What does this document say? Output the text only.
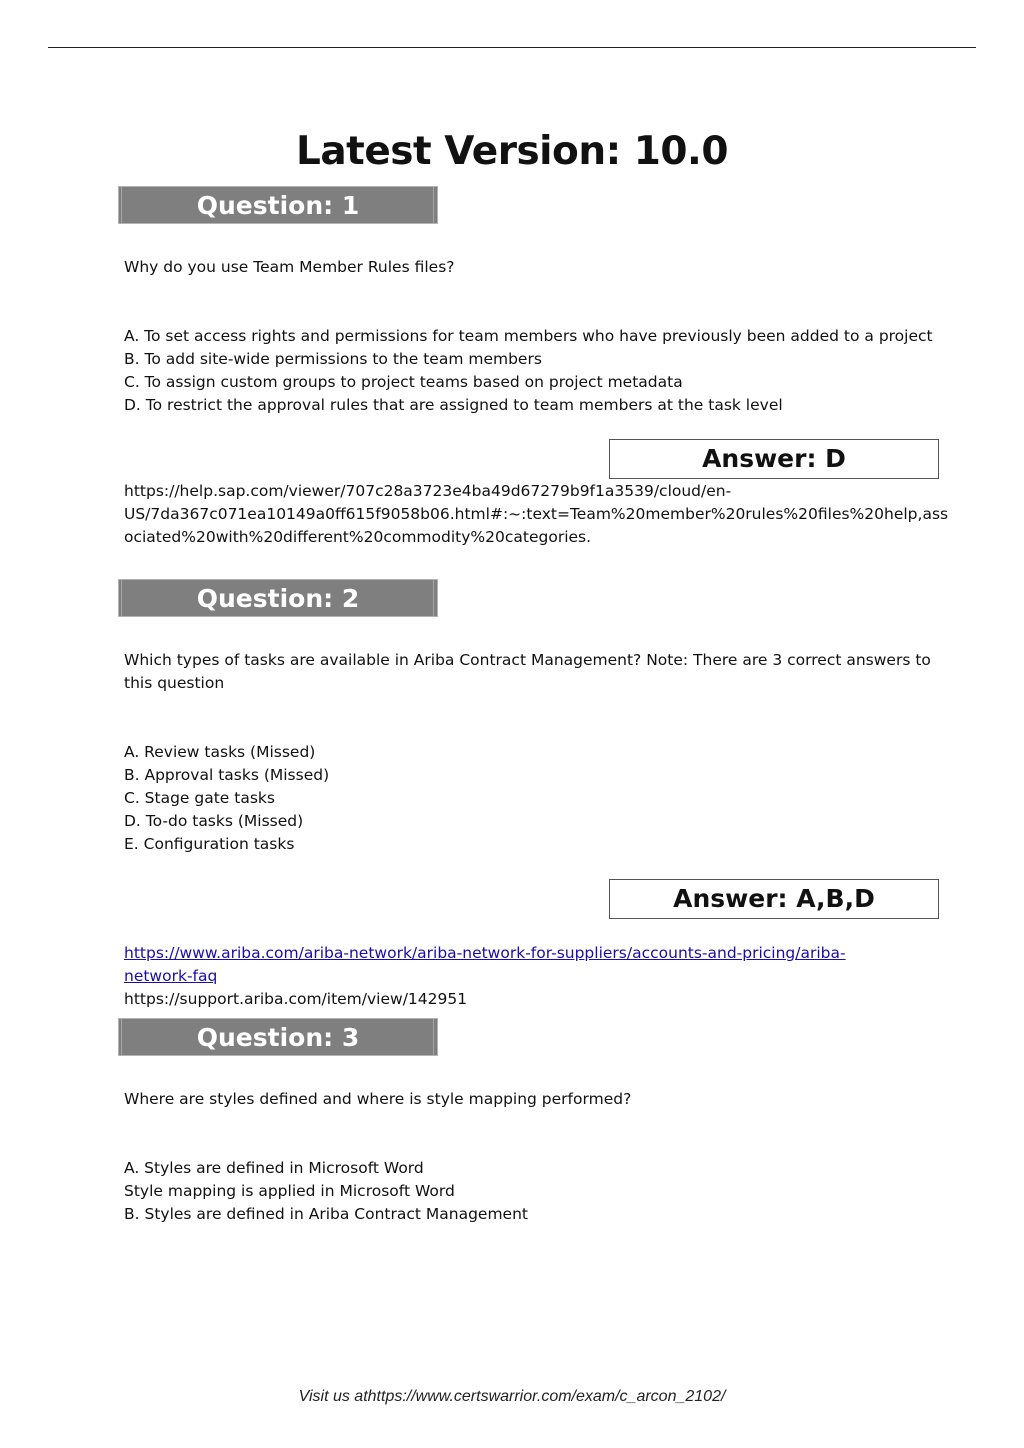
Latest Version: 10.0
Question: 1
Why do you use Team Member Rules files?
A. To set access rights and permissions for team members who have previously been added to a project
B. To add site-wide permissions to the team members
C. To assign custom groups to project teams based on project metadata
D. To restrict the approval rules that are assigned to team members at the task level
Answer: D
https://help.sap.com/viewer/707c28a3723e4ba49d67279b9f1a3539/cloud/en-
US/7da367c071ea10149a0ff615f9058b06.html#:~:text=Team%20member%20rules%20files%20help,ass
ociated%20with%20different%20commodity%20categories.
Question: 2
Which types of tasks are available in Ariba Contract Management? Note: There are 3 correct answers to
this question
A. Review tasks (Missed)
B. Approval tasks (Missed)
C. Stage gate tasks
D. To-do tasks (Missed)
E. Configuration tasks
Answer: A,B,D
https://www.ariba.com/ariba-network/ariba-network-for-suppliers/accounts-and-pricing/ariba-
network-faq
https://support.ariba.com/item/view/142951
Question: 3
Where are styles defined and where is style mapping performed?
A. Styles are defined in Microsoft Word
Style mapping is applied in Microsoft Word
B. Styles are defined in Ariba Contract Management
Visit us athttps://www.certswarrior.com/exam/c_arcon_2102/
